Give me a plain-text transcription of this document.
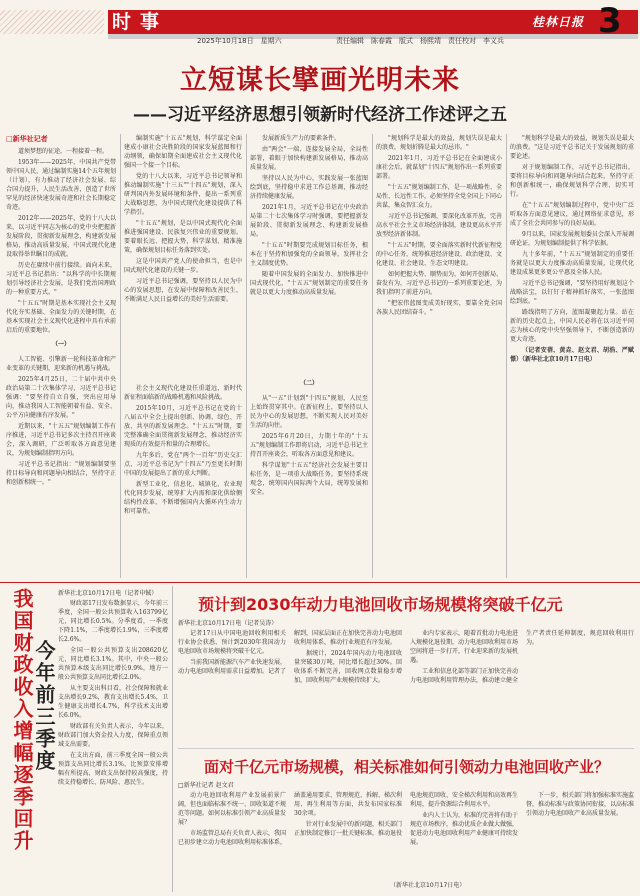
时事
2025年10月18日　星期六	责任编辑　陈春霞　版式　杨熙靖　责任校对　李义兵
桂林日报 3
立短谋长擘画光明未来
——习近平经济思想引领新时代经济工作述评之五
□新华社记者

道须梦想的征途，一程接着一程。

1953年——2025年，中国共产党带领中国人民，通过编制实施14个五年规划（计划），有力推动了经济社会发展、综合国力提升，人民生活改善，创造了世所罕见的经济快速发展奇迹和社会长期稳定奇迹。

2012年——2025年，党的十八大以来，以习近平同志为核心的党中央把握新发展阶段，贯彻新发展理念，构建新发展格局，推动高质量发展，中国式现代化建设取得举世瞩目的成就。

历史在赓续中前行接续。面向未来，习近平总书记指出："以科学的中长期规划引导经济社会发展，是我们党治国理政的一种重要方式。"

"十五五"时期是基本实现社会主义现代化夯实基础、全面发力的关键时期，在基本实现社会主义现代化进程中具有承前启后的重要地位。

（一）

人工智能、引擎新一轮科技革命和产业变革的关键期，迎来新的机遇与挑战。

2025年4月25日，二十届中共中央政治局第二十次集体学习，习近平总书记强调："要坚持自立自强，突出应用导向，推动我国人工智能朝着有益、安全、公平方向健康有序发展。"

近期以来，"十五五"规划编制工作有序推进，习近平总书记多次主持召开座谈会，深入调研，广泛听取各方面意见建议，为规划编制指明方向。

习近平总书记指出："规划编制要坚持目标导向和问题导向相结合，坚持守正和创新相统一。"

编制实施"十五五"规划，科学谋定全面建成小康社会决胜阶段的国家发展蓝图和行动纲领，确保如期全面建成社会主义现代化强国一个接一个目标。

党的十八大以来，习近平总书记领导和推动编制实施"十三五""十四五"规划，深入研判国内外发展环境和条件，提出一系列重大战略思想，为中国式现代化建设提供了科学指引。

"十五五"规划，是以中国式现代化全面推进强国建设、民族复兴伟业的重要规划。要着眼长远、把握大势，科学谋划、精准施策，确保规划目标任务落到实处。

这是中国共产党人的使命担当，也是中国式现代化建设的关键一步。

习近平总书记强调，要坚持以人民为中心的发展思想，在发展中保障和改善民生，不断满足人民日益增长的美好生活需要。

社会主义现代化建设任重道远，新时代新征程面临新的战略机遇和风险挑战。

2015年10月，习近平总书记在党的十八届五中全会上提出创新、协调、绿色、开放、共享的新发展理念。"十五五"时期，要完整准确全面贯彻新发展理念，推动经济实现质的有效提升和量的合理增长。

九年多后，党在"两个一百年"历史交汇点，习近平总书记为"十四五"乃至更长时期中国的发展提出了新的重大判断。

新型工业化、信息化、城镇化、农业现代化同步发展，统筹扩大内需和深化供给侧结构性改革，不断增强国内大循环内生动力和可靠性。

发展新质生产力的要素条件。

由"两会"一端、连接发展全局，全局性部署，着眼于加快构建新发展格局，推动高质量发展。

坚持以人民为中心，实践发展一张蓝图绘到底，坚持稳中求进工作总基调，推动经济持续健康发展。

2021年1月，习近平总书记在中央政治局第二十七次集体学习时强调，要把握新发展阶段、贯彻新发展理念、构建新发展格局。

"十五五"时期要完成规划目标任务，根本在于坚持和加强党的全面领导，发挥社会主义制度优势。

随着中国发展的全面发力、加快推进中国式现代化，"十五五"规划制定的重要任务就是以更大力度推动高质量发展。

（二）

从"一五"计划到"十四五"规划，人民至上始终贯穿其中。在新征程上，要坚持以人民为中心的发展思想，不断实现人民对美好生活的向往。

2025年6月20日，力期十年的"十五五"规划编制工作即将启动，习近平总书记主持召开座谈会，听取各方面意见和建议。

科学谋划"十五五"经济社会发展主要目标任务，是一项重大战略任务。要坚持系统观念，统筹国内国际两个大局，统筹发展和安全。

"规划科学是最大的效益，规划失误是最大的浪费，规划折腾是最大的忌讳。"

2021年1月，习近平总书记在全面建成小康社会后，就谋划"十四五"规划作出一系列重要部署。

"十五五"规划编制工作，是一项战略性、全局性、长远性工作，必须坚持全党全国上下同心共谋，集众智汇众力。

习近平总书记强调，要深化改革开放，完善高水平社会主义市场经济体制，建设更高水平开放型经济新体制。

"十五五"时期，要全面落实新时代新征程党的中心任务，统筹推进经济建设、政治建设、文化建设、社会建设、生态文明建设。

如何把握大势、顺势而为，如何开创新局、奋发有为，习近平总书记的一系列重要论述，为我们指明了前进方向。

"把宏伟蓝图变成美好现实，要靠全党全国各族人民团结奋斗。"

"规划科学是最大的效益，规划失误是最大的浪费。"这是习近平总书记关于发展规划的重要论述。

对于规划编制工作，习近平总书记指出，要将目标导向和问题导向结合起来，坚持守正和创新相统一，确保规划科学合理、切实可行。

在"十五五"规划编制过程中，党中央广泛听取各方面意见建议，通过网络征求意见，形成了全社会共同参与的良好局面。

9月以来，国家发展规划委员会深入开展调研论证，为规划编制提供了科学依据。

九十多年前，"十五五"规划制定的重要任务就是以更大力度推动高质量发展，让现代化建设成果更多更公平惠及全体人民。

习近平总书记强调，"要坚持用好规划这个战略法宝，以钉钉子精神抓好落实，一张蓝图绘到底。"

路线指明了方向，蓝图凝聚起力量。站在新的历史起点上，中国人民必将在以习近平同志为核心的党中央坚强领导下，不断创造新的更大奇迹。

（记者安蓓、黄垚、赵文君、胡浩、严赋憬）（新华社北京10月17日电）

我国财政收入增幅逐季回升
今年前三季度
新华社北京10月17日电（记者申铖）

财政部17日发布数据显示，今年前三季度，全国一般公共预算收入163799亿元，同比增长0.5%。分季度看，一季度下降1.1%，二季度增长1.9%，三季度增长2.6%。

全国一般公共预算支出208620亿元，同比增长3.1%。其中，中央一般公共预算本级支出同比增长9.9%，地方一般公共预算支出同比增长2.0%。

从主要支出科目看，社会保障和就业支出增长9.2%，教育支出增长5.4%，卫生健康支出增长4.7%，科学技术支出增长6.0%。

财政部有关负责人表示，今年以来，财政部门加大资金投入力度，保障重点领域支出需要。

在支出方面，前三季度全国一般公共预算支出同比增长3.1%，比预算安排增幅有所提高，财政支出保持较高强度，持续支持稳增长、防风险、惠民生。

预计到2030年动力电池回收市场规模将突破千亿元
新华社北京10月17日电（记者吴涛）

记者17日从中国电池回收利用相关行业协会获悉，预计到2030年我国动力电池回收市场规模将突破千亿元。

当前我国新能源汽车产业快速发展，动力电池回收利用需求日益增加。记者了解到，国家层面正在加快完善动力电池回收利用体系，推动行业规范有序发展。

据统计，2024年国内动力电池回收量突破30万吨，同比增长超过30%。回收体系不断完善，回收网点数量稳步增加，回收利用产业规模持续扩大。

业内专家表示，随着首批动力电池进入规模化退役期，动力电池回收利用市场空间将进一步打开，行业迎来新的发展机遇。

工业和信息化部等部门正加快完善动力电池回收利用管理办法，推动建立健全生产者责任延伸制度，规范回收利用行为。

面对千亿元市场规模，相关标准如何引领动力电池回收产业？
□新华社记者 赵文君

动力电池回收利用产业发展前景广阔，但也面临标准不统一、回收渠道不规范等问题。如何以标准引领产业高质量发展？

市场监管总局有关负责人表示，我国已初步建立动力电池回收利用标准体系，涵盖通用要求、管理规范、拆解、梯次利用、再生利用等方面，共发布国家标准30余项。

针对行业发展中的新问题，相关部门正加快制定修订一批关键标准，推动退役电池规范回收、安全梯次利用和高效再生利用，提升资源综合利用水平。

业内人士认为，标准的完善将有助于规范市场秩序，推动优质企业做大做强，促进动力电池回收利用产业健康可持续发展。

下一步，相关部门将加强标准实施监督，推动标准与政策协同衔接，以高标准引领动力电池回收产业高质量发展。

（新华社北京10月17日电）
